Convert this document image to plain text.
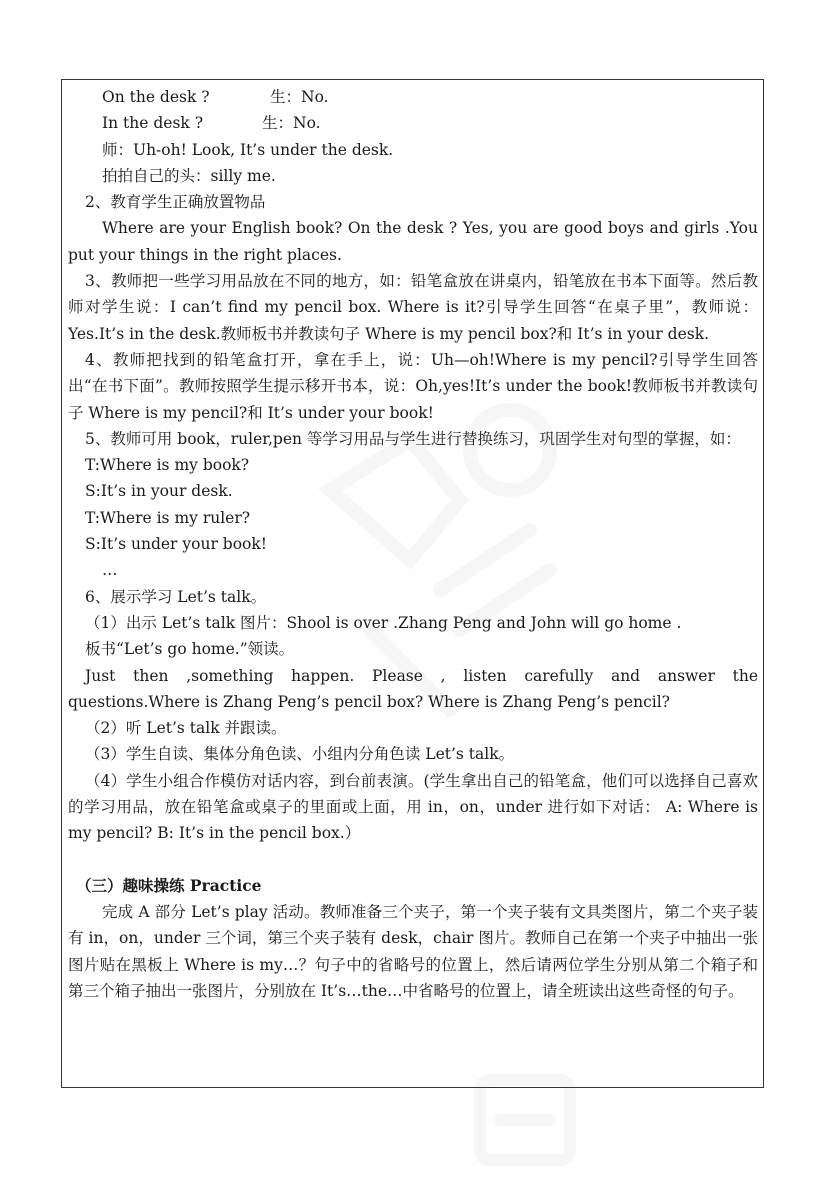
On the desk ?	生：No.
In the desk ?	生：No.
师：Uh-oh! Look, It’s under the desk.
拍拍自己的头：silly me.
2、教育学生正确放置物品
Where are your English book? On the desk ? Yes, you are good boys and girls .You put your things in the right places.
3、教师把一些学习用品放在不同的地方，如：铅笔盒放在讲桌内，铅笔放在书本下面等。然后教师对学生说：I can’t find my pencil box. Where is it?引导学生回答“在桌子里”，教师说：Yes.It’s in the desk.教师板书并教读句子 Where is my pencil box?和 It’s in your desk.
4、教师把找到的铅笔盒打开，拿在手上，说：Uh—oh!Where is my pencil?引导学生回答出“在书下面”。教师按照学生提示移开书本，说：Oh,yes!It’s under the book!教师板书并教读句子 Where is my pencil?和 It’s under your book!
5、教师可用 book，ruler,pen 等学习用品与学生进行替换练习，巩固学生对句型的掌握，如：
T:Where is my book?
S:It’s in your desk.
T:Where is my ruler?
S:It’s under your book!
…
6、展示学习 Let’s talk。
（1）出示 Let’s talk 图片：Shool is over .Zhang Peng and John will go home .
板书“Let’s go home.”领读。
Just then ,something happen. Please , listen carefully and answer the questions.Where is Zhang Peng’s pencil box? Where is Zhang Peng’s pencil?
（2）听 Let’s talk 并跟读。
（3）学生自读、集体分角色读、小组内分角色读 Let’s talk。
（4）学生小组合作模仿对话内容，到台前表演。(学生拿出自己的铅笔盒，他们可以选择自己喜欢的学习用品，放在铅笔盒或桌子的里面或上面，用 in，on，under 进行如下对话： A: Where is my pencil? B: It’s in the pencil box.）
（三）趣味操练 Practice
完成 A 部分 Let’s play 活动。教师准备三个夹子，第一个夹子装有文具类图片，第二个夹子装有 in，on，under 三个词，第三个夹子装有 desk，chair 图片。教师自己在第一个夹子中抽出一张图片贴在黑板上 Where is my…？句子中的省略号的位置上，然后请两位学生分别从第二个箱子和第三个箱子抽出一张图片，分别放在 It’s…the…中省略号的位置上，请全班读出这些奇怪的句子。
